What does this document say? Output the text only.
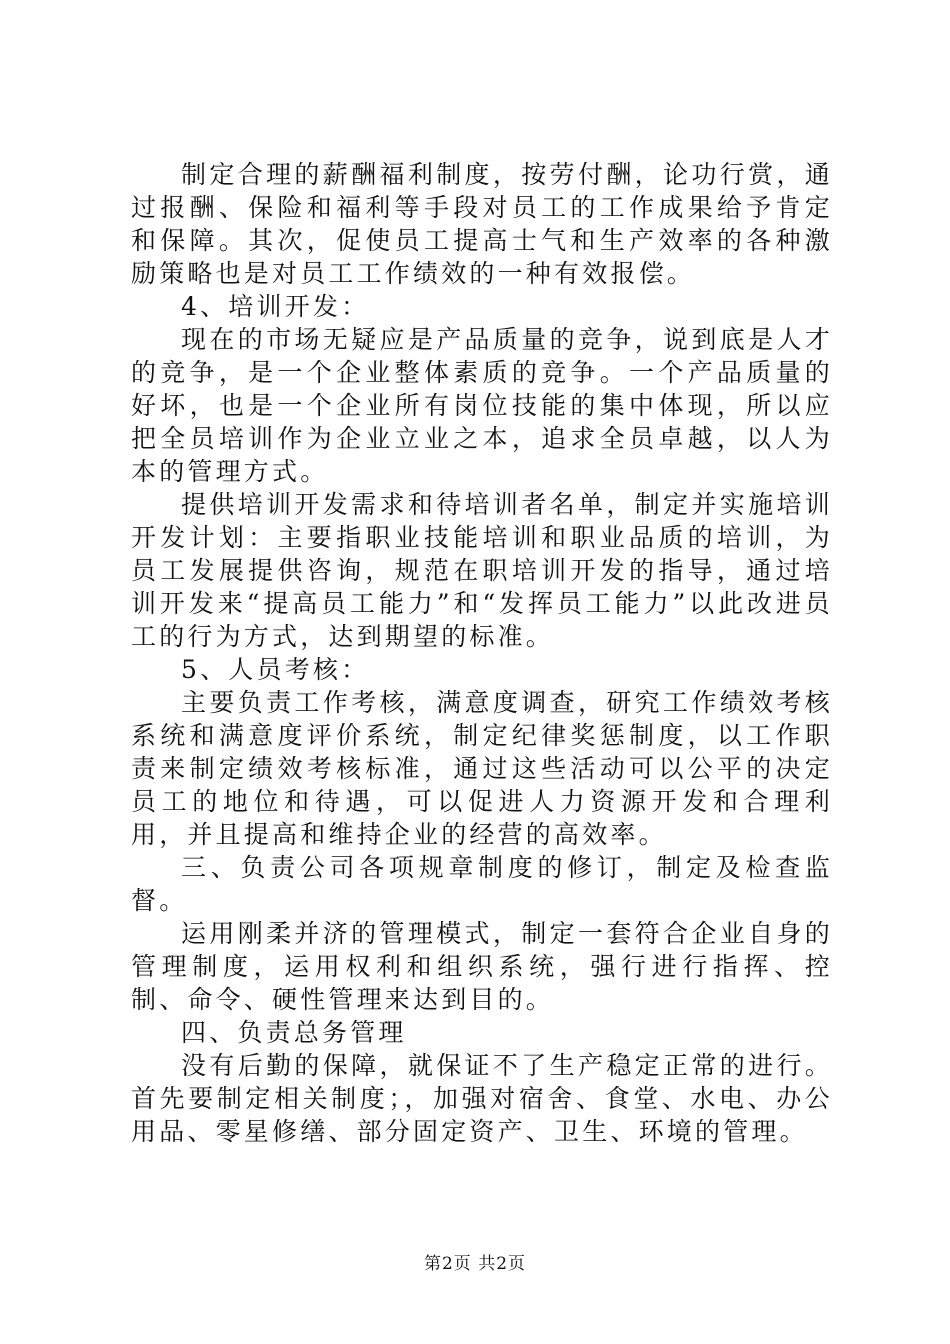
制定合理的薪酬福利制度，按劳付酬，论功行赏，通过报酬、保险和福利等手段对员工的工作成果给予肯定和保障。其次，促使员工提高士气和生产效率的各种激励策略也是对员工工作绩效的一种有效报偿。

4、培训开发：

现在的市场无疑应是产品质量的竞争，说到底是人才的竞争，是一个企业整体素质的竞争。一个产品质量的好坏，也是一个企业所有岗位技能的集中体现，所以应把全员培训作为企业立业之本，追求全员卓越，以人为本的管理方式。

提供培训开发需求和待培训者名单，制定并实施培训开发计划：主要指职业技能培训和职业品质的培训，为员工发展提供咨询，规范在职培训开发的指导，通过培训开发来“提高员工能力”和“发挥员工能力”以此改进员工的行为方式，达到期望的标准。

5、人员考核：

主要负责工作考核，满意度调查，研究工作绩效考核系统和满意度评价系统，制定纪律奖惩制度，以工作职责来制定绩效考核标准，通过这些活动可以公平的决定员工的地位和待遇，可以促进人力资源开发和合理利用，并且提高和维持企业的经营的高效率。

三、负责公司各项规章制度的修订，制定及检查监督。

运用刚柔并济的管理模式，制定一套符合企业自身的管理制度，运用权利和组织系统，强行进行指挥、控制、命令、硬性管理来达到目的。

四、负责总务管理

没有后勤的保障，就保证不了生产稳定正常的进行。首先要制定相关制度；，加强对宿舍、食堂、水电、办公用品、零星修缮、部分固定资产、卫生、环境的管理。

第2页 共2页
